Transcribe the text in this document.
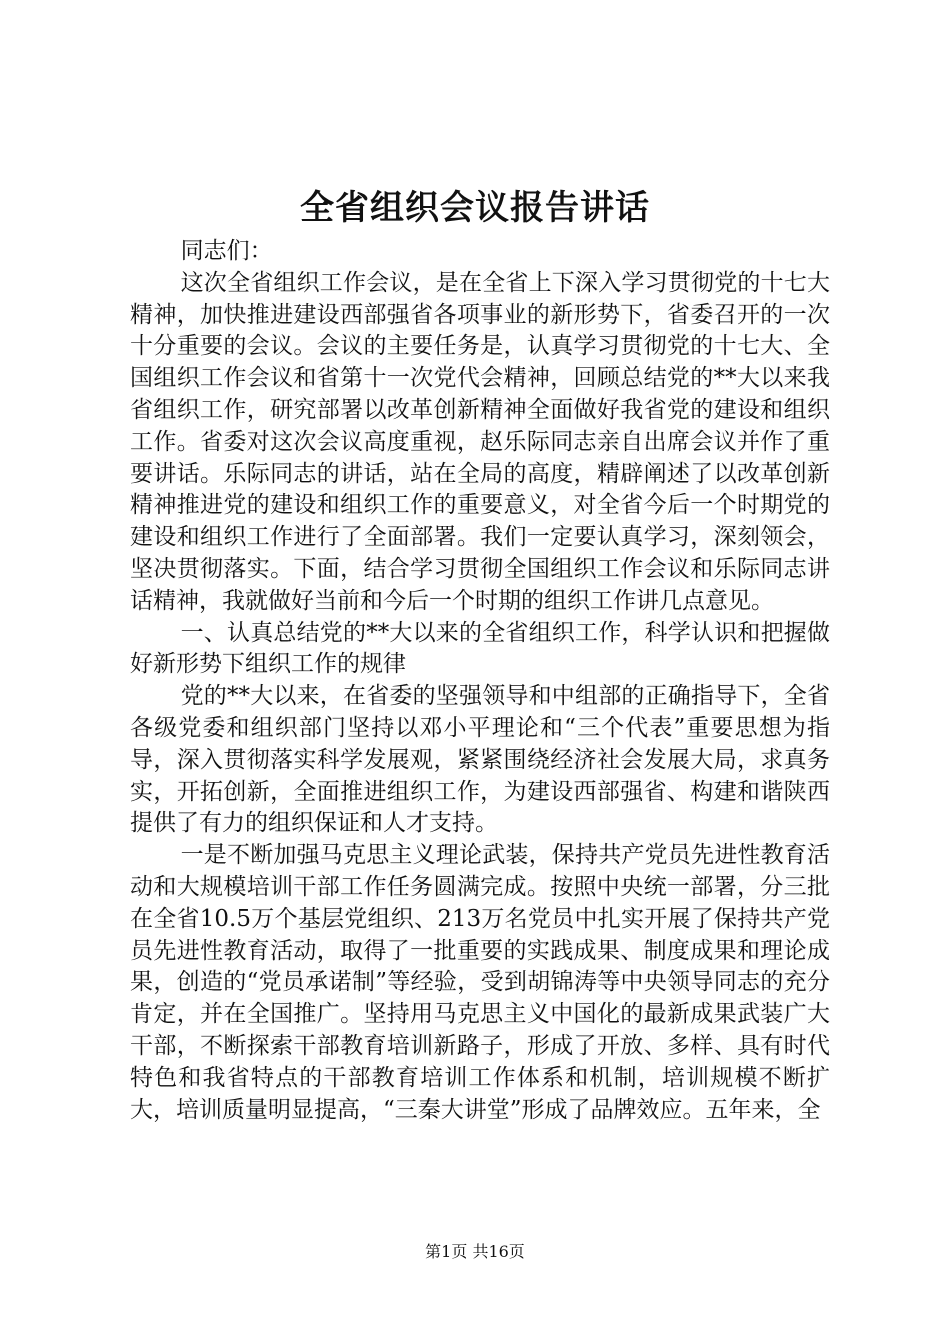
全省组织会议报告讲话

同志们：

这次全省组织工作会议，是在全省上下深入学习贯彻党的十七大精神，加快推进建设西部强省各项事业的新形势下，省委召开的一次十分重要的会议。会议的主要任务是，认真学习贯彻党的十七大、全国组织工作会议和省第十一次党代会精神，回顾总结党的**大以来我省组织工作，研究部署以改革创新精神全面做好我省党的建设和组织工作。省委对这次会议高度重视，赵乐际同志亲自出席会议并作了重要讲话。乐际同志的讲话，站在全局的高度，精辟阐述了以改革创新精神推进党的建设和组织工作的重要意义，对全省今后一个时期党的建设和组织工作进行了全面部署。我们一定要认真学习，深刻领会，坚决贯彻落实。下面，结合学习贯彻全国组织工作会议和乐际同志讲话精神，我就做好当前和今后一个时期的组织工作讲几点意见。

一、认真总结党的**大以来的全省组织工作，科学认识和把握做好新形势下组织工作的规律

党的**大以来，在省委的坚强领导和中组部的正确指导下，全省各级党委和组织部门坚持以邓小平理论和“三个代表”重要思想为指导，深入贯彻落实科学发展观，紧紧围绕经济社会发展大局，求真务实，开拓创新，全面推进组织工作，为建设西部强省、构建和谐陕西提供了有力的组织保证和人才支持。

一是不断加强马克思主义理论武装，保持共产党员先进性教育活动和大规模培训干部工作任务圆满完成。按照中央统一部署，分三批在全省10.5万个基层党组织、213万名党员中扎实开展了保持共产党员先进性教育活动，取得了一批重要的实践成果、制度成果和理论成果，创造的“党员承诺制”等经验，受到胡锦涛等中央领导同志的充分肯定，并在全国推广。坚持用马克思主义中国化的最新成果武装广大干部，不断探索干部教育培训新路子，形成了开放、多样、具有时代特色和我省特点的干部教育培训工作体系和机制，培训规模不断扩大，培训质量明显提高，“三秦大讲堂”形成了品牌效应。五年来，全

第1页 共16页
